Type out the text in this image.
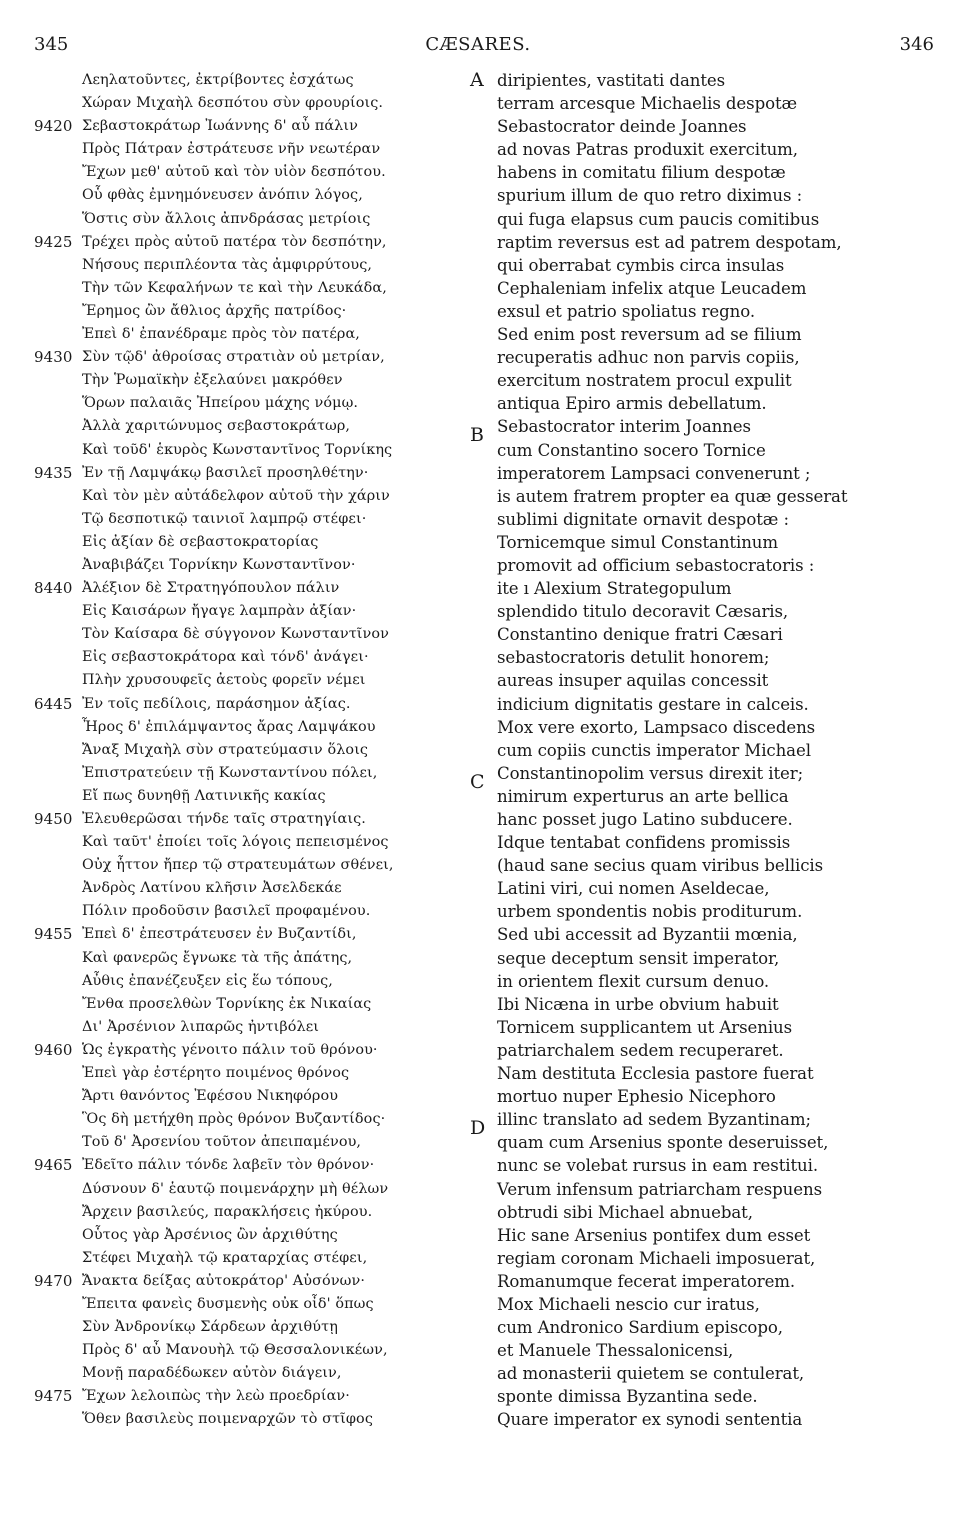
345	CÆSARES.	346
Λεηλατοῦντες, ἐκτρίβοντες ἐσχάτως
Χώραν Μιχαὴλ δεσπότου σὺν φρουρίοις.
9420 Σεβαστοκράτωρ Ἰωάννης δ' αὖ πάλιν
Πρὸς Πάτραν ἐστράτευσε νῆν νεωτέραν
Ἔχων μεθ' αὐτοῦ καὶ τὸν υἱὸν δεσπότου.
Οὗ φθὰς ἐμνημόνευσεν ἀνόπιν λόγος,
Ὅστις σὺν ἄλλοις ἀπνδράσας μετρίοις
9425 Τρέχει πρὸς αὐτοῦ πατέρα τὸν δεσπότην,
Νήσους περιπλέοντα τὰς ἀμφιρρύτους,
Τὴν τῶν Κεφαλήνων τε καὶ τὴν Λευκάδα,
Ἔρημος ὢν ἄθλιος ἀρχῆς πατρίδος·
Ἐπεὶ δ' ἐπανέδραμε πρὸς τὸν πατέρα,
9430 Σὺν τῷδ' ἀθροίσας στρατιὰν οὐ μετρίαν,
Τὴν Ῥωμαϊκὴν ἐξελαύνει μακρόθεν
Ὅρων παλαιᾶς Ἠπείρου μάχης νόμῳ.
Ἀλλὰ χαριτώνυμος σεβαστοκράτωρ,
Καὶ τοῦδ' ἑκυρὸς Κωνσταντῖνος Τορνίκης
9435 Ἐν τῇ Λαμψάκῳ βασιλεῖ προσηλθέτην·
Καὶ τὸν μὲν αὐτάδελφον αὐτοῦ τὴν χάριν
Τῷ δεσποτικῷ ταινιοῖ λαμπρῷ στέφει·
Εἰς ἀξίαν δὲ σεβαστοκρατορίας
Ἀναβιβάζει Τορνίκην Κωνσταντῖνον·
8440 Ἀλέξιον δὲ Στρατηγόπουλον πάλιν
Εἰς Καισάρων ἤγαγε λαμπρὰν ἀξίαν·
Τὸν Καίσαρα δὲ σύγγονον Κωνσταντῖνον
Εἰς σεβαστοκράτορα καὶ τόνδ' ἀνάγει·
Πλὴν χρυσουφεῖς ἀετοὺς φορεῖν νέμει
6445 Ἐν τοῖς πεδίλοις, παράσημον ἀξίας.
Ἦρος δ' ἐπιλάμψαντος ἄρας Λαμψάκου
Ἄναξ Μιχαὴλ σὺν στρατεύμασιν ὅλοις
Ἐπιστρατεύειν τῇ Κωνσταντίνου πόλει,
Εἴ πως δυνηθῇ Λατινικῆς κακίας
9450 Ἐλευθερῶσαι τήνδε ταῖς στρατηγίαις.
Καὶ ταῦτ' ἐποίει τοῖς λόγοις πεπεισμένος
Οὐχ ἧττον ἤπερ τῷ στρατευμάτων σθένει,
Ἀνδρὸς Λατίνου κλῆσιν Ἀσελδεκάε
Πόλιν προδοῦσιν βασιλεῖ προφαμένου.
9455 Ἐπεὶ δ' ἐπεστράτευσεν ἐν Βυζαντίδι,
Καὶ φανερῶς ἔγνωκε τὰ τῆς ἀπάτης,
Αὖθις ἐπανέζευξεν εἰς ἕω τόπους,
Ἔνθα προσελθὼν Τορνίκης ἐκ Νικαίας
Δι' Ἀρσένιον λιπαρῶς ἠντιβόλει
9460 Ὡς ἐγκρατὴς γένοιτο πάλιν τοῦ θρόνου·
Ἐπεὶ γὰρ ἐστέρητο ποιμένος θρόνος
Ἄρτι θανόντος Ἐφέσου Νικηφόρου
Ὃς δὴ μετήχθη πρὸς θρόνον Βυζαντίδος·
Τοῦ δ' Ἀρσενίου τοῦτον ἀπειπαμένου,
9465 Ἐδεῖτο πάλιν τόνδε λαβεῖν τὸν θρόνον·
Δύσνουν δ' ἑαυτῷ ποιμενάρχην μὴ θέλων
Ἄρχειν βασιλεύς, παρακλήσεις ἠκύρου.
Οὗτος γὰρ Ἀρσένιος ὢν ἀρχιθύτης
Στέφει Μιχαὴλ τῷ κραταρχίας στέφει,
9470 Ἄνακτα δείξας αὐτοκράτορ' Αὐσόνων·
Ἔπειτα φανεὶς δυσμενὴς οὐκ οἶδ' ὅπως
Σὺν Ἀνδρονίκῳ Σάρδεων ἀρχιθύτῃ
Πρὸς δ' αὖ Μανουὴλ τῷ Θεσσαλονικέων,
Μονῇ παραδέδωκεν αὐτὸν διάγειν,
9475 Ἔχων λελοιπὼς τὴν λεὼ προεδρίαν·
Ὅθεν βασιλεὺς ποιμεναρχῶν τὸ στῖφος
A diripientes, vastitati dantes
terram arcesque Michaelis despotæ
Sebastocrator deinde Joannes
ad novas Patras produxit exercitum,
habens in comitatu filium despotæ
spurium illum de quo retro diximus :
qui fuga elapsus cum paucis comitibus
raptim reversus est ad patrem despotam,
qui oberrabat cymbis circa insulas
Cephaleniam infelix atque Leucadem
exsul et patrio spoliatus regno.
Sed enim post reversum ad se filium
recuperatis adhuc non parvis copiis,
exercitum nostratem procul expulit
antiqua Epiro armis debellatum.
B Sebastocrator interim Joannes
cum Constantino socero Tornice
imperatorem Lampsaci convenerunt ;
is autem fratrem propter ea quæ gesserat
sublimi dignitate ornavit despotæ :
Tornicemque simul Constantinum
promovit ad officium sebastocratoris :
ite ı Alexium Strategopulum
splendido titulo decoravit Cæsaris,
Constantino denique fratri Cæsari
sebastocratoris detulit honorem;
aureas insuper aquilas concessit
indicium dignitatis gestare in calceis.
Mox vere exorto, Lampsaco discedens
cum copiis cunctis imperator Michael
C Constantinopolim versus direxit iter;
nimirum experturus an arte bellica
hanc posset jugo Latino subducere.
Idque tentabat confidens promissis
(haud sane secius quam viribus bellicis
Latini viri, cui nomen Aseldecae,
urbem spondentis nobis proditurum.
Sed ubi accessit ad Byzantii mœnia,
seque deceptum sensit imperator,
in orientem flexit cursum denuo.
Ibi Nicæna in urbe obvium habuit
Tornicem supplicantem ut Arsenius
patriarchalem sedem recuperaret.
Nam destituta Ecclesia pastore fuerat
mortuo nuper Ephesio Nicephoro
D illinc translato ad sedem Byzantinam;
quam cum Arsenius sponte deseruisset,
nunc se volebat rursus in eam restitui.
Verum infensum patriarcham respuens
obtrudi sibi Michael abnuebat,
Hic sane Arsenius pontifex dum esset
regiam coronam Michaeli imposuerat,
Romanumque fecerat imperatorem.
Mox Michaeli nescio cur iratus,
cum Andronico Sardium episcopo,
et Manuele Thessalonicensi,
ad monasterii quietem se contulerat,
sponte dimissa Byzantina sede.
Quare imperator ex synodi sententia
